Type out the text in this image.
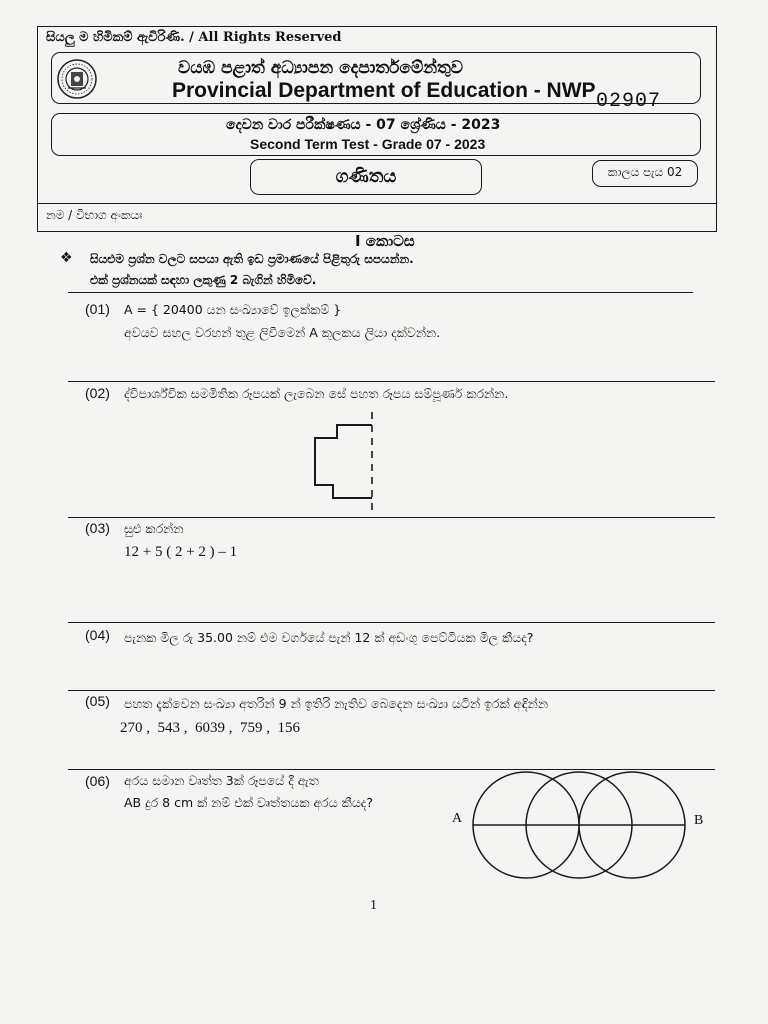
සියලු ම හිමිකම් ඇවිරිණි. / All Rights Reserved
වයඹ පළාත් අධ්‍යාපන දෙපාර්තමේන්තුව
Provincial Department of Education - NWP 02907
දෙවන වාර පරීක්ෂණය - 07 ශ්‍රේණිය - 2023
Second Term Test - Grade 07 - 2023
ගණිතය	කාලය පැය 02
නම / විභාග අංකයඃ
I කොටස
❖ සියළුම ප්‍රශ්න වලට සපයා ඇති ඉඩ ප්‍රමාණයේ පිළිතුරු සපයන්න.
එක් ප්‍රශ්නයක් සඳහා ලකුණු 2 බැගින් හිමිවේ.
(01) A = { 20400 යන සංඛ්‍යාවේ ඉලක්කම් }
අවයව සහල වරහන් තුළ ලිවීමෙන් A කුලකය ලියා දක්වන්න.
(02) ද්විපාර්ශ්වික සමමිතික රූපයක් ලැබෙන සේ පහත රූපය සම්පූර්ණ කරන්න.
(03) සුළු කරන්න
12 + 5 ( 2 + 2 ) – 1
(04) පැනක මිල රු 35.00 නම් එම වර්ගයේ පැන් 12 ක් අඩංගු පෙට්ටියක මිල කීයද?
(05) පහත දැක්වෙන සංඛ්‍යා අතරින් 9 න් ඉතිරි නැතිව බෙදෙන සංඛ්‍යා යටින් ඉරක් අඳින්න
270 ,  543 ,  6039 ,  759 ,  156
(06) අරය සමාන වෘත්ත 3ක් රූපයේ දී ඇත
AB දුර 8 cm ක් නම් එක් වෘත්තයක අරය කීයද?
A	B
1
